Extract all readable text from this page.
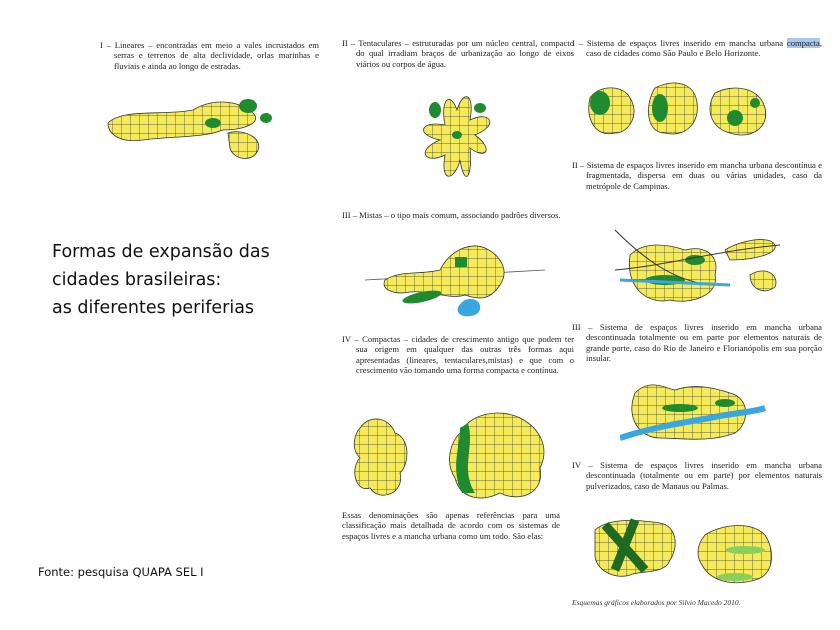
I – Lineares – encontradas em meio a vales incrustados em serras e terrenos de alta declividade, orlas marinhas e fluviais e ainda ao longo de estradas.
Formas de expansão das
cidades brasileiras:
as diferentes periferias
Fonte: pesquisa QUAPA SEL I
II – Tentaculares – estruturadas por um núcleo central, compacto do qual irradiam braços de urbanização ao longo de eixos viários ou corpos de água.
III – Mistas – o tipo mais comum, associando padrões diversos.
IV – Compactas – cidades de crescimento antigo que podem ter sua origem em qualquer das outras três formas aqui apresentadas (lineares, tentaculares,mistas) e que com o crescimento vão tomando uma forma compacta e contínua.
Essas denominações são apenas referências para uma classificação mais detalhada de acordo com os sistemas de espaços livres e a mancha urbana como um todo. São elas:
I – Sistema de espaços livres inserido em mancha urbana compacta, caso de cidades como São Paulo e Belo Horizonte.
II – Sistema de espaços livres inserido em mancha urbana descontínua e fragmentada, dispersa em duas ou várias unidades, caso da metrópole de Campinas.
III – Sistema de espaços livres inserido em mancha urbana descontinuada totalmente ou em parte por elementos naturais de grande porte, caso do Rio de Janeiro e Florianópolis em sua porção insular.
IV – Sistema de espaços livres inserido em mancha urbana descontinuada (totalmente ou em parte) por elementos naturais pulverizados, caso de Manaus ou Palmas.
Esquemas gráficos elaborados por Silvio Macedo 2010.
